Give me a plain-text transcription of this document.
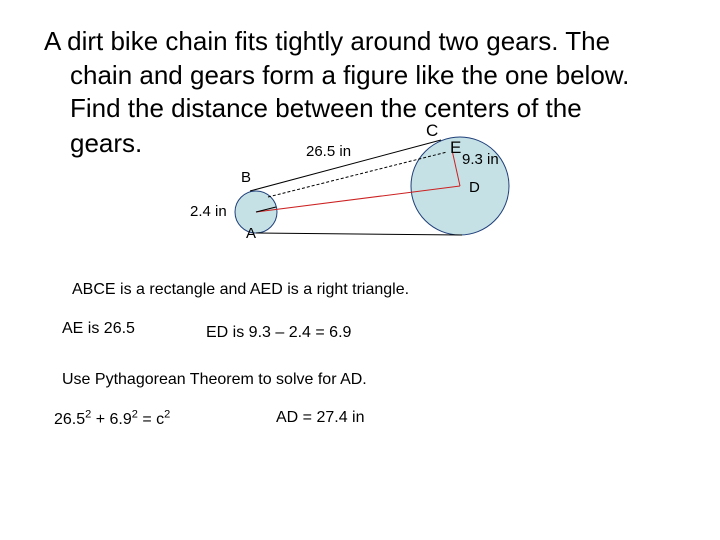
A dirt bike chain fits tightly around two gears. The
chain and gears form a figure like the one below.
Find the distance between the centers of the
gears.	C
E
B
D
A
26.5 in
2.4 in
9.3 in
ABCE is a rectangle and AED is a right triangle.
AE is 26.5	ED is 9.3 – 2.4 = 6.9
Use Pythagorean Theorem to solve for AD.
$26.5^2 + 6.9^2 = c^2$	AD = 27.4 in
